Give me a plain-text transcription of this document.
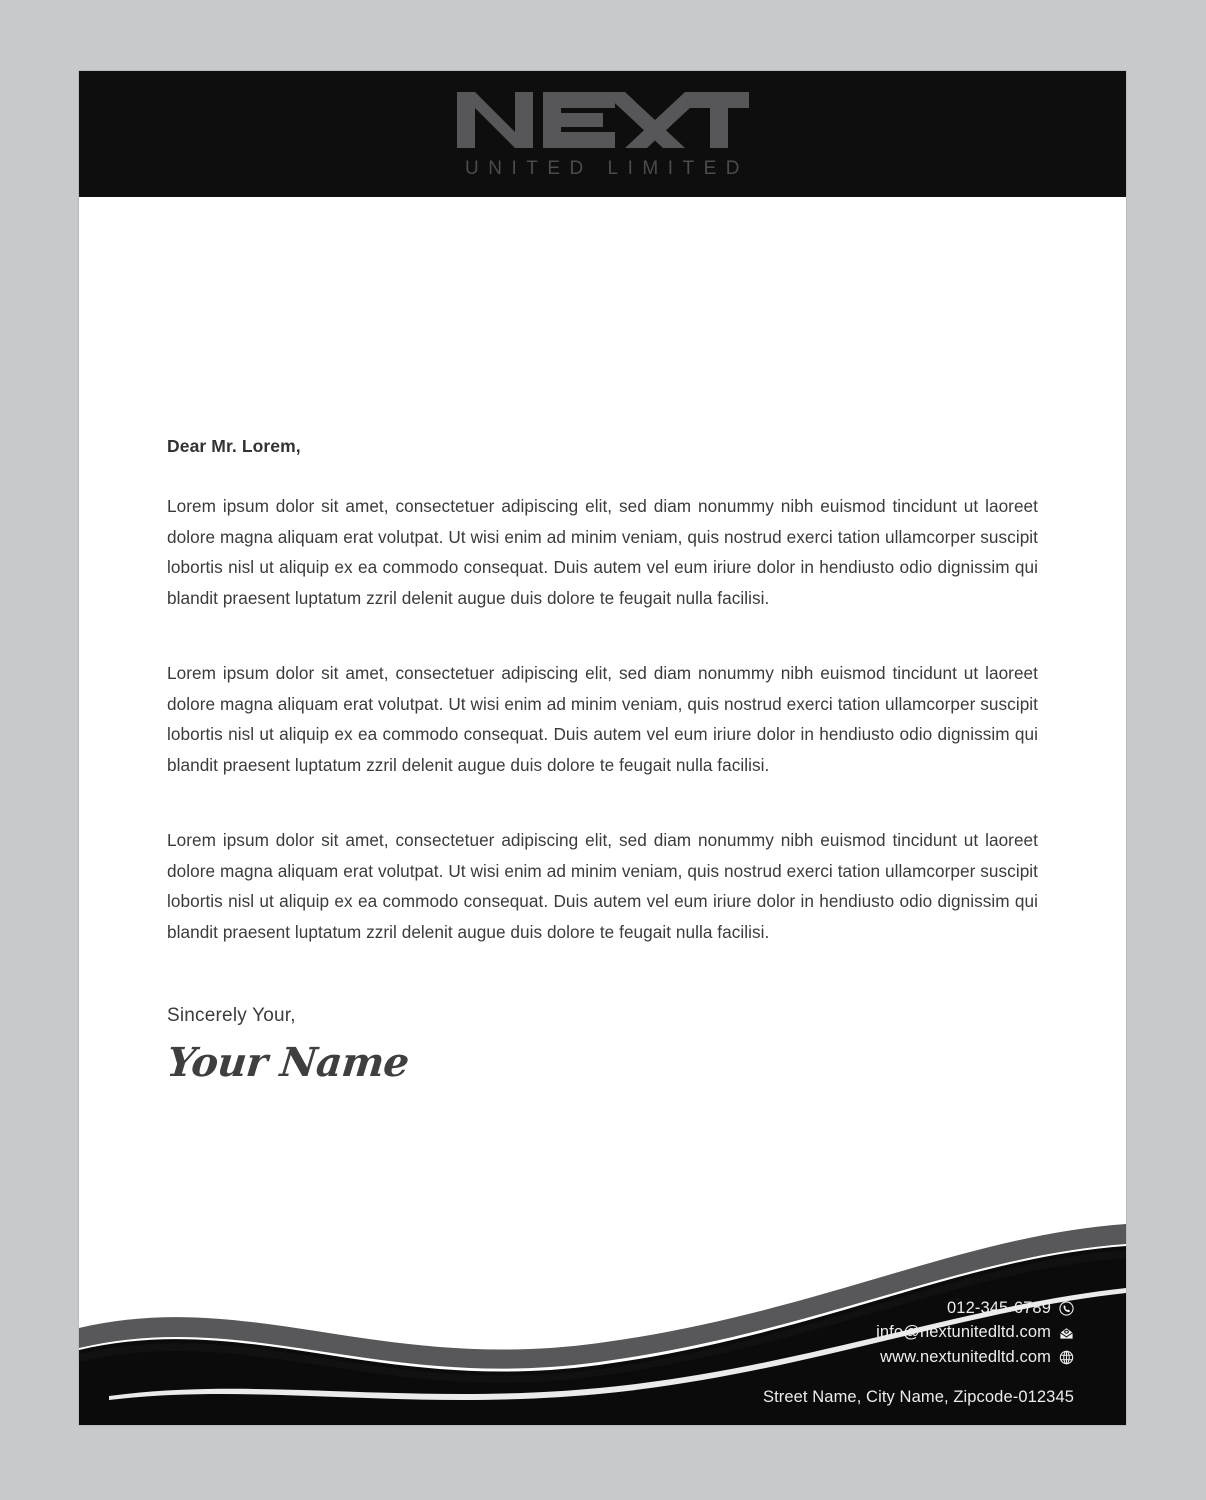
UNITED LIMITED

Dear Mr. Lorem,

Lorem ipsum dolor sit amet, consectetuer adipiscing elit, sed diam nonummy nibh euismod tincidunt ut laoreet dolore magna aliquam erat volutpat. Ut wisi enim ad minim veniam, quis nostrud exerci tation ullamcorper suscipit lobortis nisl ut aliquip ex ea commodo consequat. Duis autem vel eum iriure dolor in hendiusto odio dignissim qui blandit praesent luptatum zzril delenit augue duis dolore te feugait nulla facilisi.

Lorem ipsum dolor sit amet, consectetuer adipiscing elit, sed diam nonummy nibh euismod tincidunt ut laoreet dolore magna aliquam erat volutpat. Ut wisi enim ad minim veniam, quis nostrud exerci tation ullamcorper suscipit lobortis nisl ut aliquip ex ea commodo consequat. Duis autem vel eum iriure dolor in hendiusto odio dignissim qui blandit praesent luptatum zzril delenit augue duis dolore te feugait nulla facilisi.

Lorem ipsum dolor sit amet, consectetuer adipiscing elit, sed diam nonummy nibh euismod tincidunt ut laoreet dolore magna aliquam erat volutpat. Ut wisi enim ad minim veniam, quis nostrud exerci tation ullamcorper suscipit lobortis nisl ut aliquip ex ea commodo consequat. Duis autem vel eum iriure dolor in hendiusto odio dignissim qui blandit praesent luptatum zzril delenit augue duis dolore te feugait nulla facilisi.

Sincerely Your,
Your Name
012-345-6789
info@nextunitedltd.com
www.nextunitedltd.com
Street Name, City Name, Zipcode-012345
